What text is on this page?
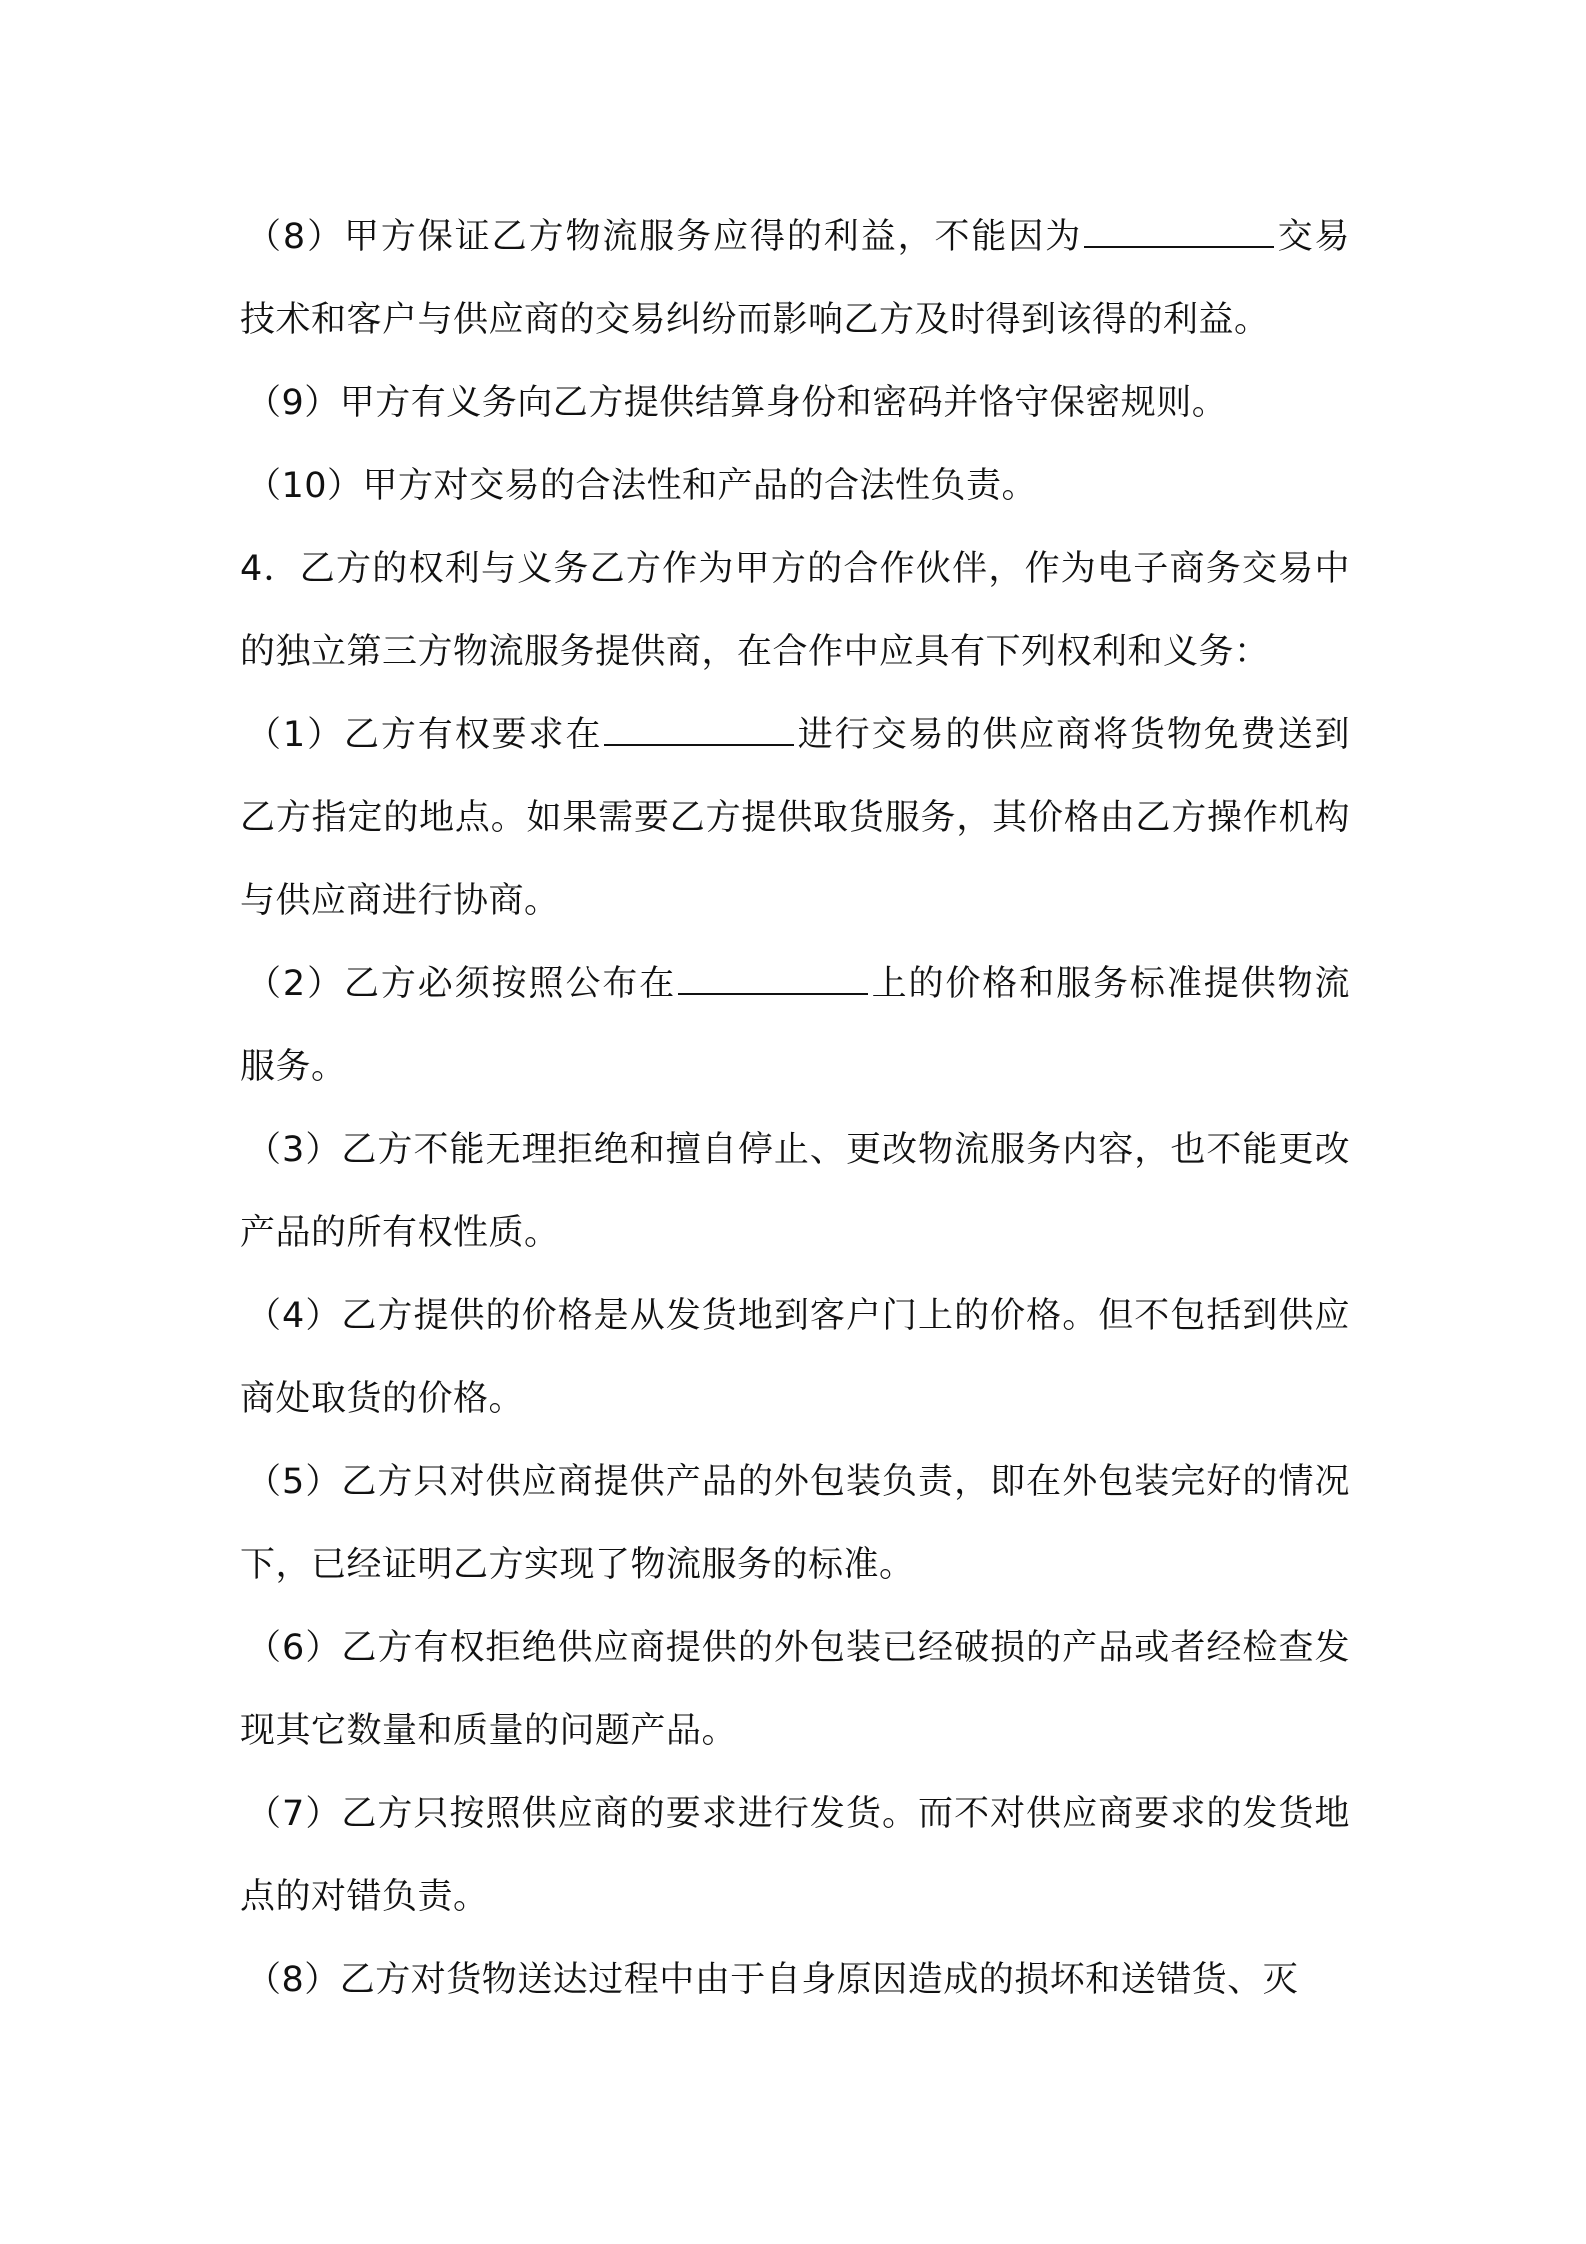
（8）甲方保证乙方物流服务应得的利益，不能因为	交易技术和客户与供应商的交易纠纷而影响乙方及时得到该得的利益。

（9）甲方有义务向乙方提供结算身份和密码并恪守保密规则。

（10）甲方对交易的合法性和产品的合法性负责。

4．乙方的权利与义务乙方作为甲方的合作伙伴，作为电子商务交易中的独立第三方物流服务提供商，在合作中应具有下列权利和义务：

（1）乙方有权要求在	进行交易的供应商将货物免费送到乙方指定的地点。如果需要乙方提供取货服务，其价格由乙方操作机构与供应商进行协商。

（2）乙方必须按照公布在	上的价格和服务标准提供物流服务。

（3）乙方不能无理拒绝和擅自停止、更改物流服务内容，也不能更改产品的所有权性质。

（4）乙方提供的价格是从发货地到客户门上的价格。但不包括到供应商处取货的价格。

（5）乙方只对供应商提供产品的外包装负责，即在外包装完好的情况下，已经证明乙方实现了物流服务的标准。

（6）乙方有权拒绝供应商提供的外包装已经破损的产品或者经检查发现其它数量和质量的问题产品。

（7）乙方只按照供应商的要求进行发货。而不对供应商要求的发货地点的对错负责。

（8）乙方对货物送达过程中由于自身原因造成的损坏和送错货、灭
